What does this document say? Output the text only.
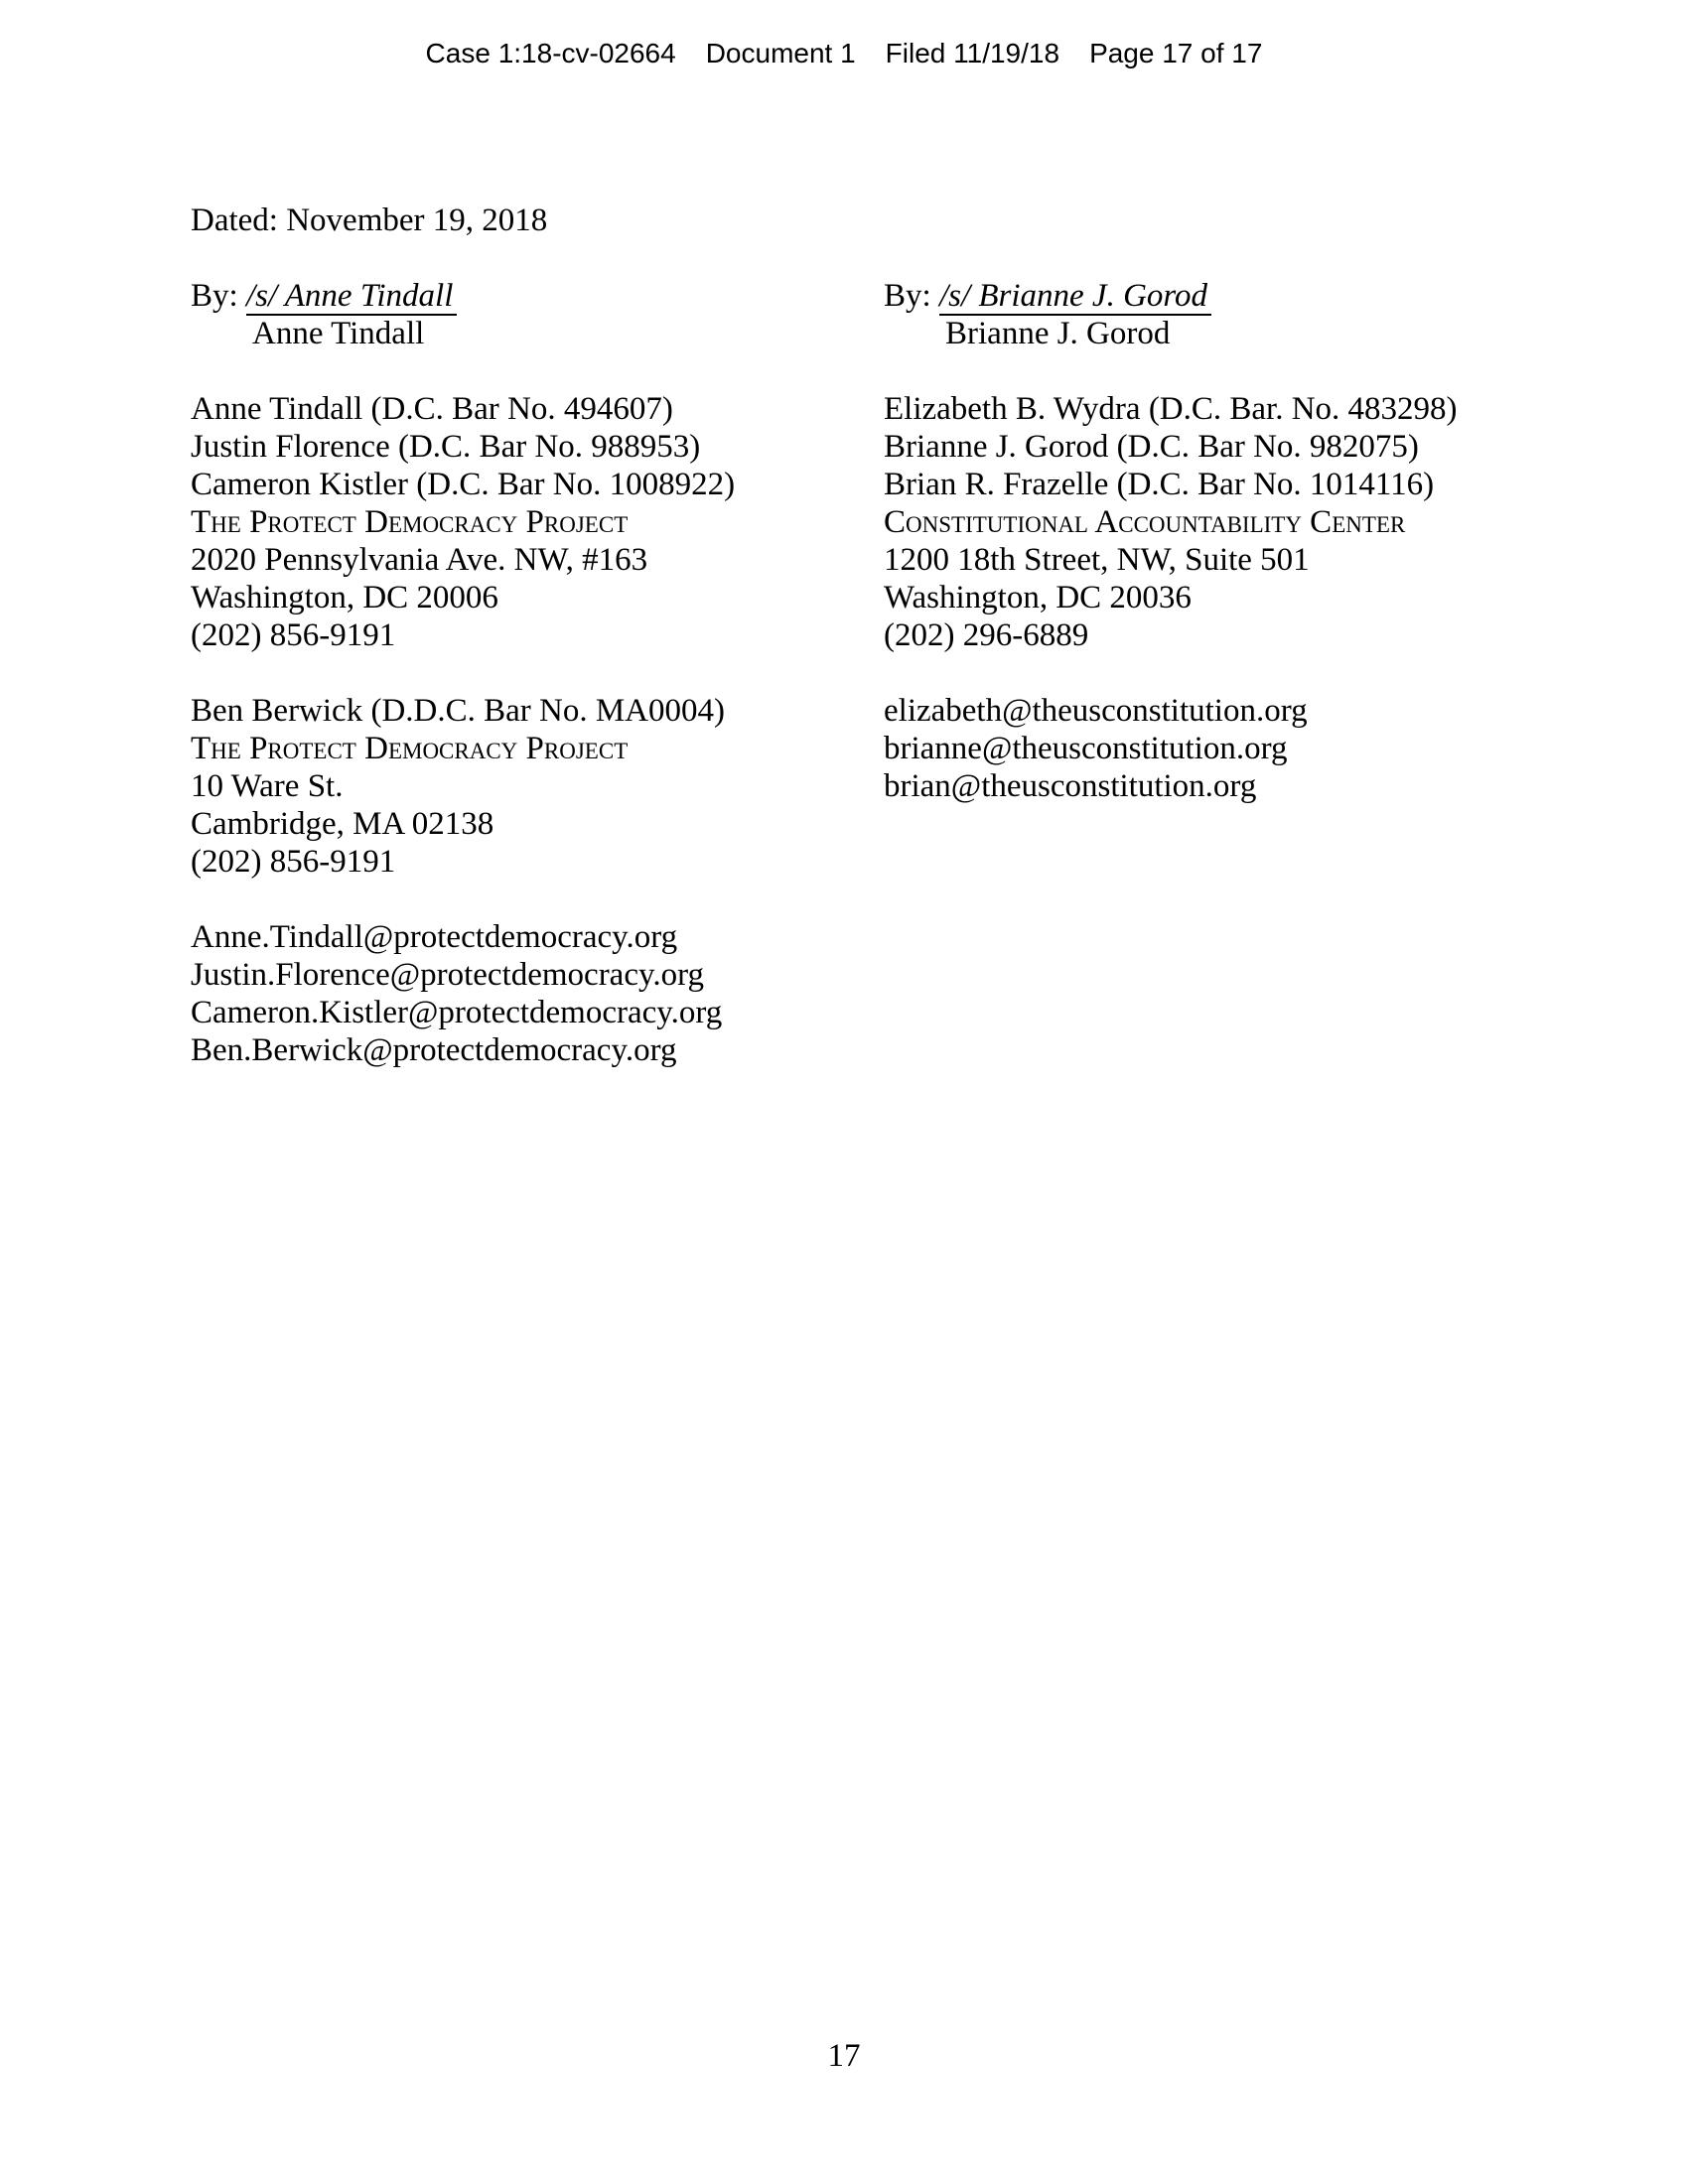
Case 1:18-cv-02664 Document 1 Filed 11/19/18 Page 17 of 17
Dated: November 19, 2018
By: /s/ Anne Tindall
Anne Tindall
Anne Tindall (D.C. Bar No. 494607)
Justin Florence (D.C. Bar No. 988953)
Cameron Kistler (D.C. Bar No. 1008922)
The Protect Democracy Project
2020 Pennsylvania Ave. NW, #163
Washington, DC 20006
(202) 856-9191
Ben Berwick (D.D.C. Bar No. MA0004)
The Protect Democracy Project
10 Ware St.
Cambridge, MA 02138
(202) 856-9191
Anne.Tindall@protectdemocracy.org
Justin.Florence@protectdemocracy.org
Cameron.Kistler@protectdemocracy.org
Ben.Berwick@protectdemocracy.org
By: /s/ Brianne J. Gorod
Brianne J. Gorod
Elizabeth B. Wydra (D.C. Bar. No. 483298)
Brianne J. Gorod (D.C. Bar No. 982075)
Brian R. Frazelle (D.C. Bar No. 1014116)
Constitutional Accountability Center
1200 18th Street, NW, Suite 501
Washington, DC 20036
(202) 296-6889
elizabeth@theusconstitution.org
brianne@theusconstitution.org
brian@theusconstitution.org
17
